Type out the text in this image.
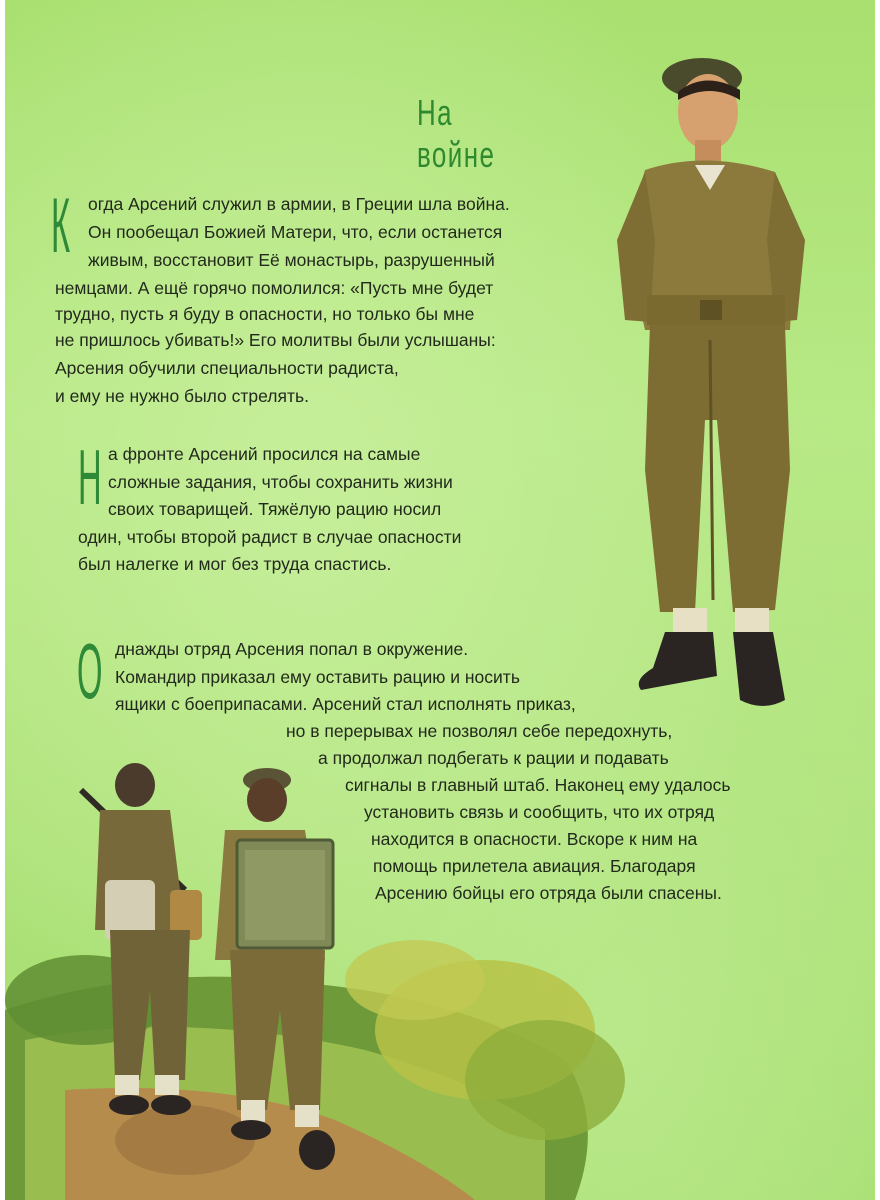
На войне
К огда Арсений служил в армии, в Греции шла война.
Он пообещал Божией Матери, что, если останется
живым, восстановит Её монастырь, разрушенный
немцами. А ещё горячо помолился: «Пусть мне будет
трудно, пусть я буду в опасности, но только бы мне
не пришлось убивать!» Его молитвы были услышаны:
Арсения обучили специальности радиста,
и ему не нужно было стрелять.
Н а фронте Арсений просился на самые
сложные задания, чтобы сохранить жизни
своих товарищей. Тяжёлую рацию носил
один, чтобы второй радист в случае опасности
был налегке и мог без труда спастись.
О днажды отряд Арсения попал в окружение.
Командир приказал ему оставить рацию и носить
ящики с боеприпасами. Арсений стал исполнять приказ,
но в перерывах не позволял себе передохнуть,
а продолжал подбегать к рации и подавать
сигналы в главный штаб. Наконец ему удалось
установить связь и сообщить, что их отряд
находится в опасности. Вскоре к ним на
помощь прилетела авиация. Благодаря
Арсению бойцы его отряда были спасены.
